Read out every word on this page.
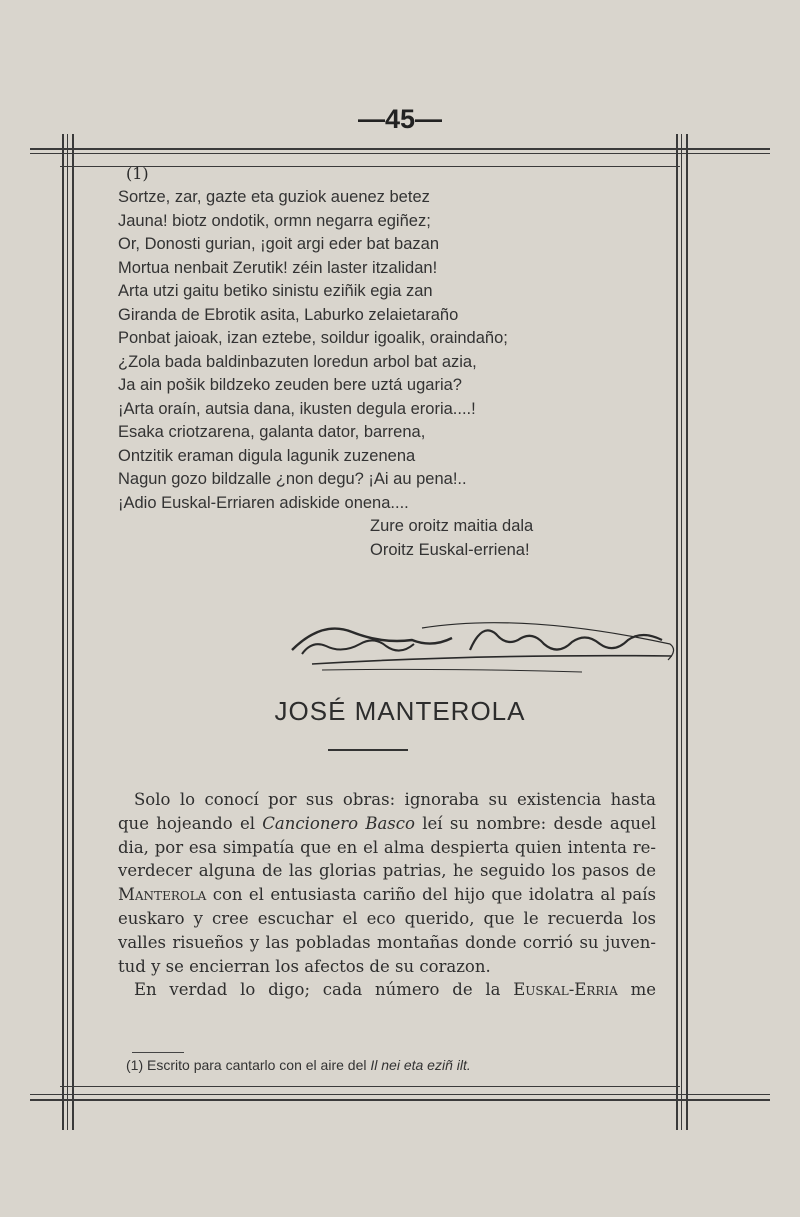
—45—
(1)
Sortze, zar, gazte eta guziok auenez betez
Jauna! biotz ondotik, ormn negarra egiñez;
Or, Donosti gurian, ¡goit argi eder bat bazan
Mortua nenbait Zerutik! zéin laster itzalidan!
Arta utzi gaitu betiko sinistu eziñik egia zan
Giranda de Ebrotik asita, Laburko zelaietaraño
Ponbat jaioak, izan eztebe, soildur igoalik, oraindaño;
¿Zola bada baldinbazuten loredun arbol bat azia,
Ja ain pošik bildzeko zeuden bere uztá ugaria?
¡Arta oraín, autsia dana, ikusten degula eroria....!
Esaka criotzarena, galanta dator, barrena,
Ontzitik eraman digula lagunik zuzenena
Nagun gozo bildzalle ¿non degu? ¡Ai au pena!..
¡Adio Euskal-Erriaren adiskide onena....
Zure oroitz maitia dala
Oroitz Euskal-erriena!
JOSÉ MANTEROLA
Solo lo conocí por sus obras: ignoraba su existencia hasta
que hojeando el Cancionero Basco leí su nombre: desde aquel
dia, por esa simpatía que en el alma despierta quien intenta re-
verdecer alguna de las glorias patrias, he seguido los pasos de
Manterola con el entusiasta cariño del hijo que idolatra al país
euskaro y cree escuchar el eco querido, que le recuerda los
valles risueños y las pobladas montañas donde corrió su juven-
tud y se encierran los afectos de su corazon.
En verdad lo digo; cada número de la Euskal-Erria me
(1) Escrito para cantarlo con el aire del Il nei eta eziñ ilt.
